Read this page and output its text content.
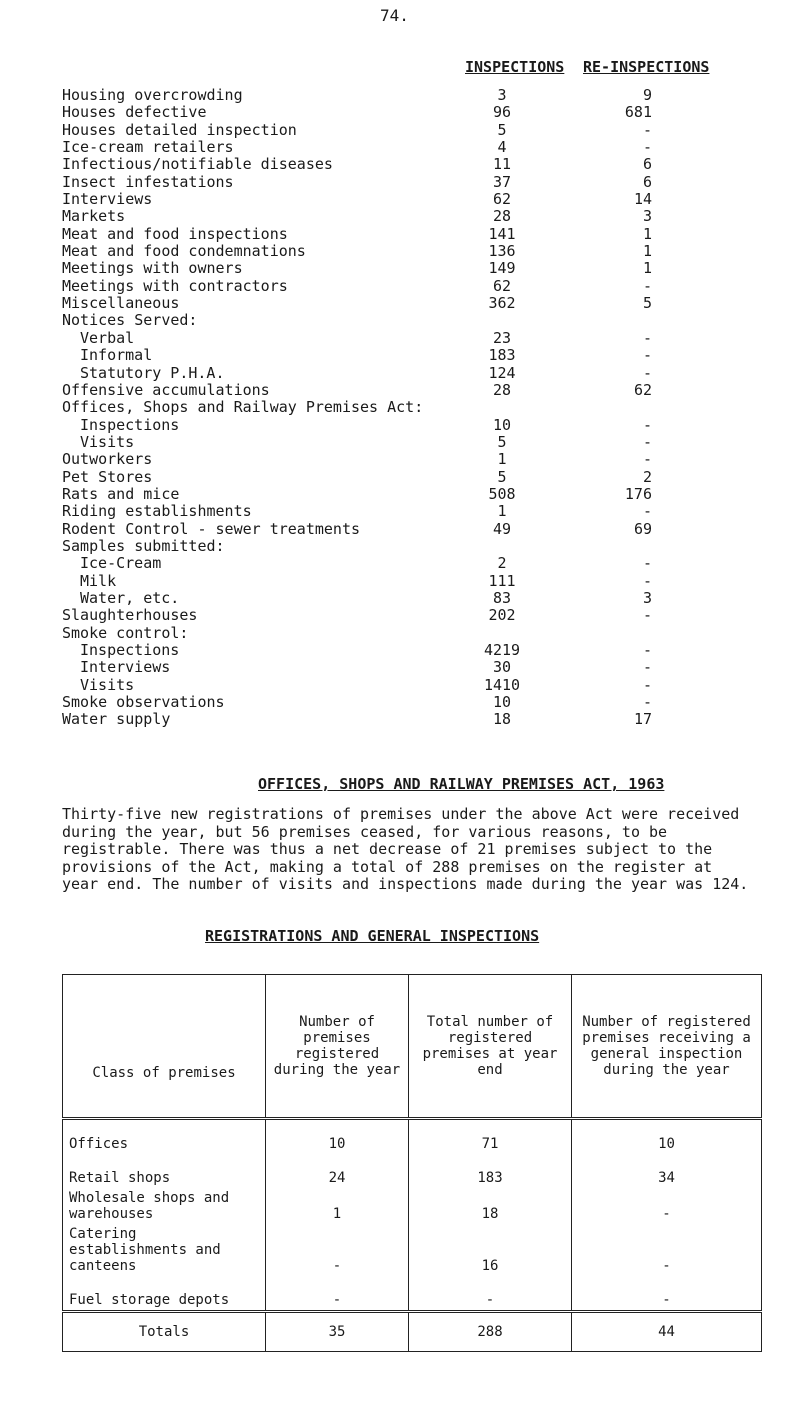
74.
INSPECTIONS RE-INSPECTIONS
Housing overcrowding	3	9
Houses defective	96	681
Houses detailed inspection	5	-
Ice-cream retailers	4	-
Infectious/notifiable diseases	11	6
Insect infestations	37	6
Interviews	62	14
Markets	28	3
Meat and food inspections	141	1
Meat and food condemnations	136	1
Meetings with owners	149	1
Meetings with contractors	62	-
Miscellaneous	362	5
Notices Served:
Verbal	23	-
Informal	183	-
Statutory P.H.A.	124	-
Offensive accumulations	28	62
Offices, Shops and Railway Premises Act:
Inspections	10	-
Visits	5	-
Outworkers	1	-
Pet Stores	5	2
Rats and mice	508	176
Riding establishments	1	-
Rodent Control - sewer treatments	49	69
Samples submitted:
Ice-Cream	2	-
Milk	111	-
Water, etc.	83	3
Slaughterhouses	202	-
Smoke control:
Inspections	4219	-
Interviews	30	-
Visits	1410	-
Smoke observations	10	-
Water supply	18	17
OFFICES, SHOPS AND RAILWAY PREMISES ACT, 1963
Thirty-five new registrations of premises under the above Act were received during the year, but 56 premises ceased, for various reasons, to be registrable. There was thus a net decrease of 21 premises subject to the provisions of the Act, making a total of 288 premises on the register at year end. The number of visits and inspections made during the year was 124.
REGISTRATIONS AND GENERAL INSPECTIONS
Class of premises	Number of premises registered during the year	Total number of registered premises at year end	Number of registered premises receiving a general inspection during the year
Offices	10	71	10
Retail shops	24	183	34
Wholesale shops and warehouses	1	18	-
Catering establishments and canteens	-	16	-
Fuel storage depots	-	-	-
Totals	35	288	44
